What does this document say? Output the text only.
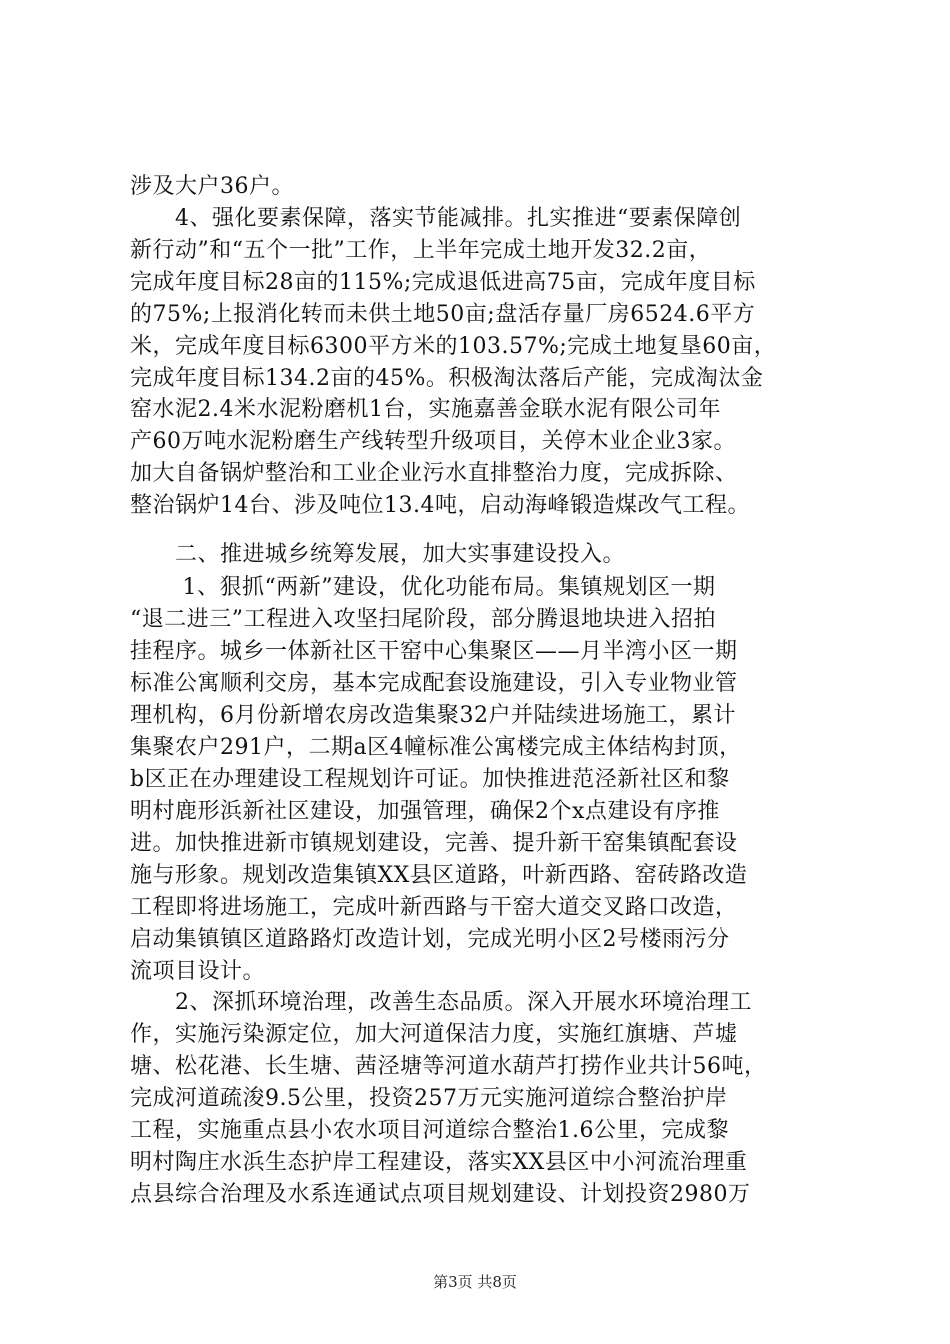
涉及大户36户。
　　4、强化要素保障，落实节能减排。扎实推进“要素保障创
新行动”和“五个一批”工作，上半年完成土地开发32.2亩，
完成年度目标28亩的115%;完成退低进高75亩，完成年度目标
的75%;上报消化转而未供土地50亩;盘活存量厂房6524.6平方
米，完成年度目标6300平方米的103.57%;完成土地复垦60亩，
完成年度目标134.2亩的45%。积极淘汰落后产能，完成淘汰金
窑水泥2.4米水泥粉磨机1台，实施嘉善金联水泥有限公司年
产60万吨水泥粉磨生产线转型升级项目，关停木业企业3家。
加大自备锅炉整治和工业企业污水直排整治力度，完成拆除、
整治锅炉14台、涉及吨位13.4吨，启动海峰锻造煤改气工程。
　　二、推进城乡统筹发展，加大实事建设投入。
　　 1、狠抓“两新”建设，优化功能布局。集镇规划区一期
“退二进三”工程进入攻坚扫尾阶段，部分腾退地块进入招拍
挂程序。城乡一体新社区干窑中心集聚区——月半湾小区一期
标准公寓顺利交房，基本完成配套设施建设，引入专业物业管
理机构，6月份新增农房改造集聚32户并陆续进场施工，累计
集聚农户291户，二期a区4幢标准公寓楼完成主体结构封顶，
b区正在办理建设工程规划许可证。加快推进范泾新社区和黎
明村鹿形浜新社区建设，加强管理，确保2个x点建设有序推
进。加快推进新市镇规划建设，完善、提升新干窑集镇配套设
施与形象。规划改造集镇XX县区道路，叶新西路、窑砖路改造
工程即将进场施工，完成叶新西路与干窑大道交叉路口改造，
启动集镇镇区道路路灯改造计划，完成光明小区2号楼雨污分
流项目设计。
　　2、深抓环境治理，改善生态品质。深入开展水环境治理工
作，实施污染源定位，加大河道保洁力度，实施红旗塘、芦墟
塘、松花港、长生塘、茜泾塘等河道水葫芦打捞作业共计56吨，
完成河道疏浚9.5公里，投资257万元实施河道综合整治护岸
工程，实施重点县小农水项目河道综合整治1.6公里，完成黎
明村陶庄水浜生态护岸工程建设，落实XX县区中小河流治理重
点县综合治理及水系连通试点项目规划建设、计划投资2980万
第3页 共8页
